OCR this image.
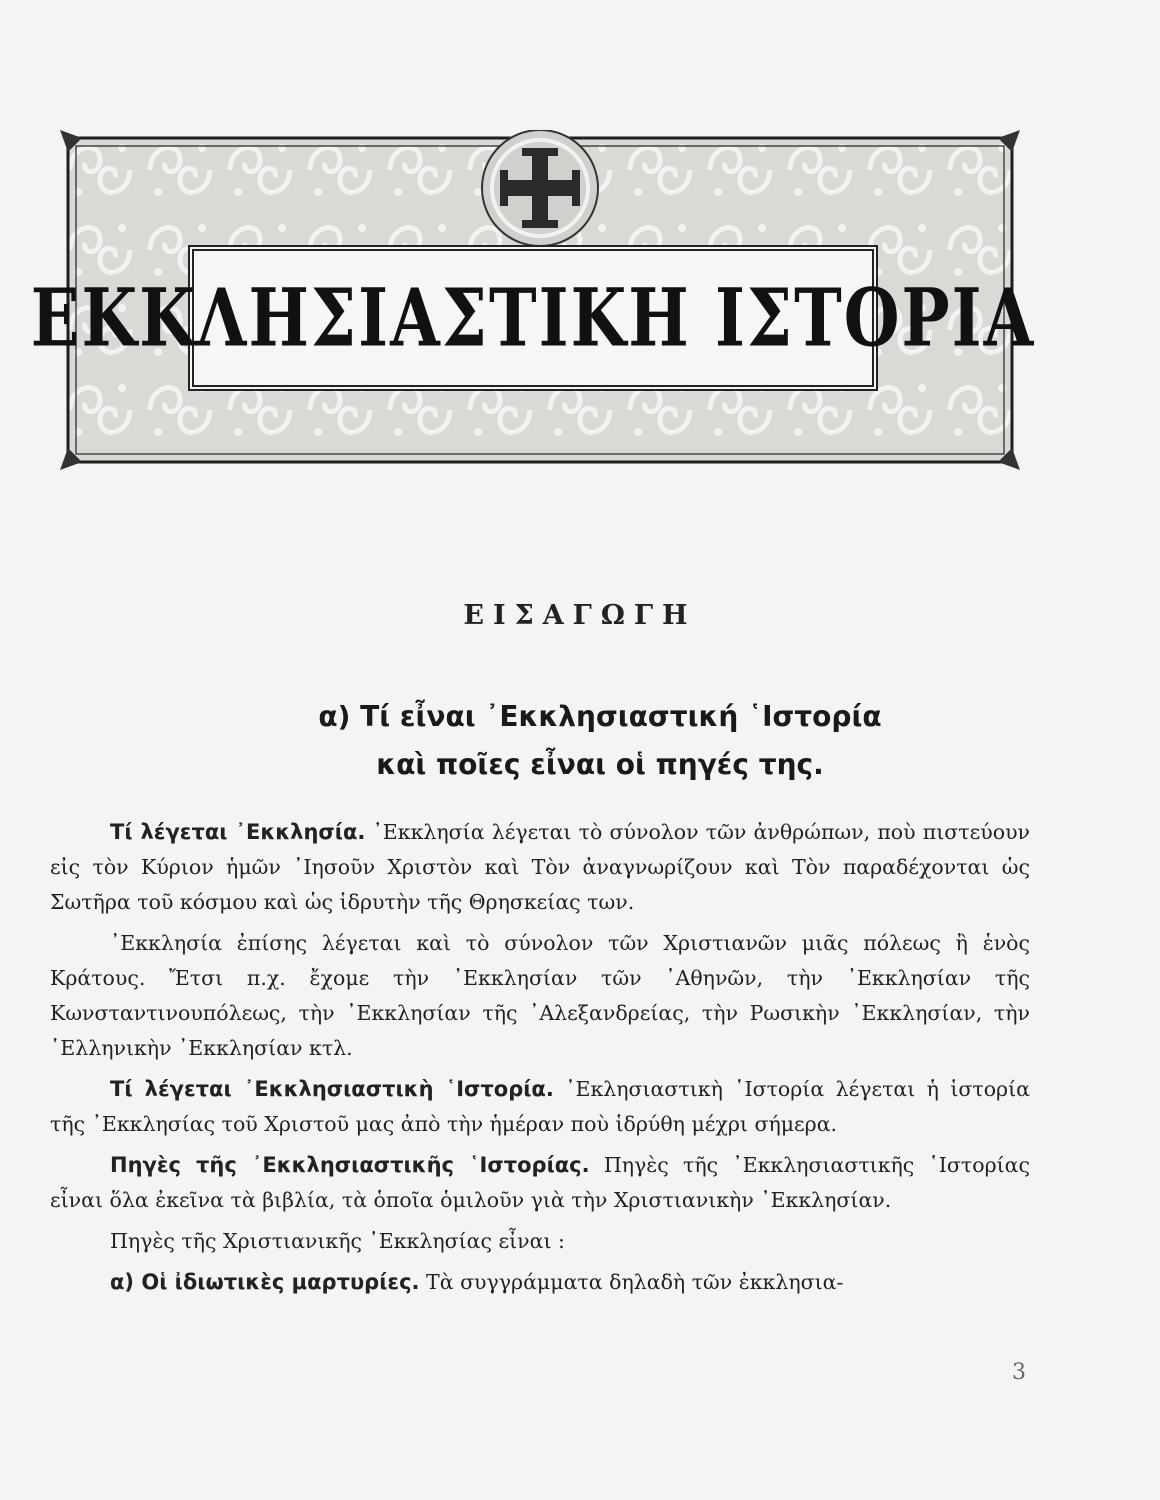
ΕΚΚΛΗΣΙΑΣΤΙΚΗ ΙΣΤΟΡΙΑ
ΕΙΣΑΓΩΓΗ
α) Τί εἶναι ᾿Εκκλησιαστική ῾Ιστορία
καὶ ποῖες εἶναι οἱ πηγές της.

Τί λέγεται ᾿Εκκλησία. ᾿Εκκλησία λέγεται τὸ σύνολον τῶν ἀνθρώπων, ποὺ πιστεύουν εἰς τὸν Κύριον ἡμῶν ᾿Ιησοῦν Χριστὸν καὶ Τὸν ἀναγνωρίζουν καὶ Τὸν παραδέχονται ὡς Σωτῆρα τοῦ κόσμου καὶ ὡς ἱδρυτὴν τῆς Θρησκείας των.

᾿Εκκλησία ἐπίσης λέγεται καὶ τὸ σύνολον τῶν Χριστιανῶν μιᾶς πόλεως ἢ ἑνὸς Κράτους. Ἔτσι π.χ. ἔχομε τὴν ᾿Εκκλησίαν τῶν ᾿Αθηνῶν, τὴν ᾿Εκκλησίαν τῆς Κωνσταντινουπόλεως, τὴν ᾿Εκκλησίαν τῆς ᾿Αλεξανδρείας, τὴν Ρωσικὴν ᾿Εκκλησίαν, τὴν ῾Ελληνικὴν ᾿Εκκλησίαν κτλ.

Τί λέγεται ᾿Εκκλησιαστικὴ ῾Ιστορία. ᾿Εκλησιαστικὴ ῾Ιστορία λέγεται ἡ ἱστορία τῆς ᾿Εκκλησίας τοῦ Χριστοῦ μας ἀπὸ τὴν ἡμέραν ποὺ ἱδρύθη μέχρι σήμερα.

Πηγὲς τῆς ᾿Εκκλησιαστικῆς ῾Ιστορίας. Πηγὲς τῆς ᾿Εκκλησιαστικῆς ῾Ιστορίας εἶναι ὅλα ἐκεῖνα τὰ βιβλία, τὰ ὁποῖα ὁμιλοῦν γιὰ τὴν Χριστιανικὴν ᾿Εκκλησίαν.

Πηγὲς τῆς Χριστιανικῆς ᾿Εκκλησίας εἶναι :

α) Οἱ ἰδιωτικὲς μαρτυρίες. Τὰ συγγράμματα δηλαδὴ τῶν ἐκκλησια-

3
